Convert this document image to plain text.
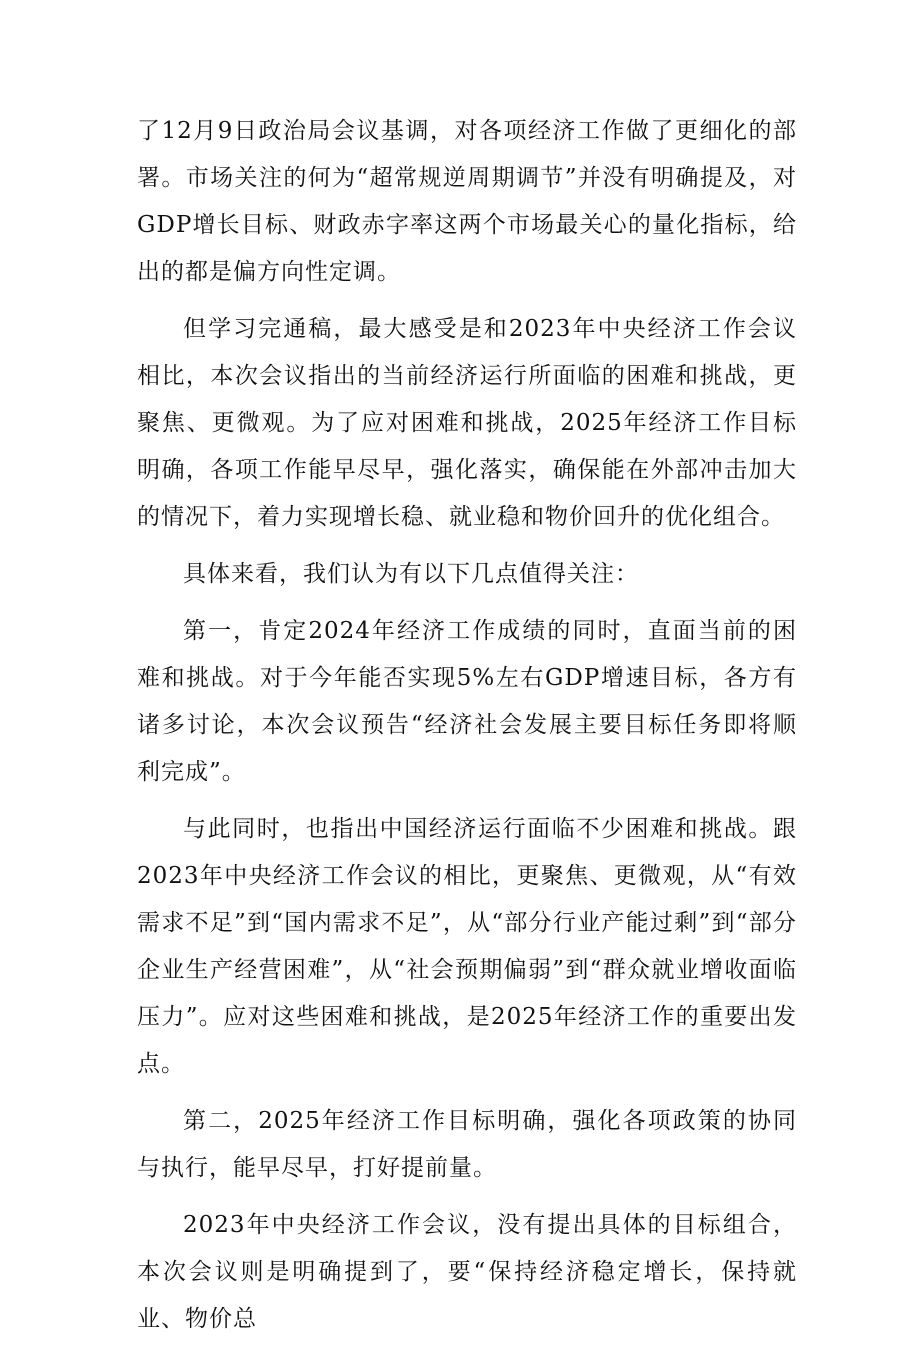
了12月9日政治局会议基调，对各项经济工作做了更细化的部署。市场关注的何为“超常规逆周期调节”并没有明确提及，对GDP增长目标、财政赤字率这两个市场最关心的量化指标，给出的都是偏方向性定调。

但学习完通稿，最大感受是和2023年中央经济工作会议相比，本次会议指出的当前经济运行所面临的困难和挑战，更聚焦、更微观。为了应对困难和挑战，2025年经济工作目标明确，各项工作能早尽早，强化落实，确保能在外部冲击加大的情况下，着力实现增长稳、就业稳和物价回升的优化组合。

具体来看，我们认为有以下几点值得关注：

第一，肯定2024年经济工作成绩的同时，直面当前的困难和挑战。对于今年能否实现5%左右GDP增速目标，各方有诸多讨论，本次会议预告“经济社会发展主要目标任务即将顺利完成”。

与此同时，也指出中国经济运行面临不少困难和挑战。跟2023年中央经济工作会议的相比，更聚焦、更微观，从“有效需求不足”到“国内需求不足”，从“部分行业产能过剩”到“部分企业生产经营困难”，从“社会预期偏弱”到“群众就业增收面临压力”。应对这些困难和挑战，是2025年经济工作的重要出发点。

第二，2025年经济工作目标明确，强化各项政策的协同与执行，能早尽早，打好提前量。

2023年中央经济工作会议，没有提出具体的目标组合，本次会议则是明确提到了，要“保持经济稳定增长，保持就业、物价总
